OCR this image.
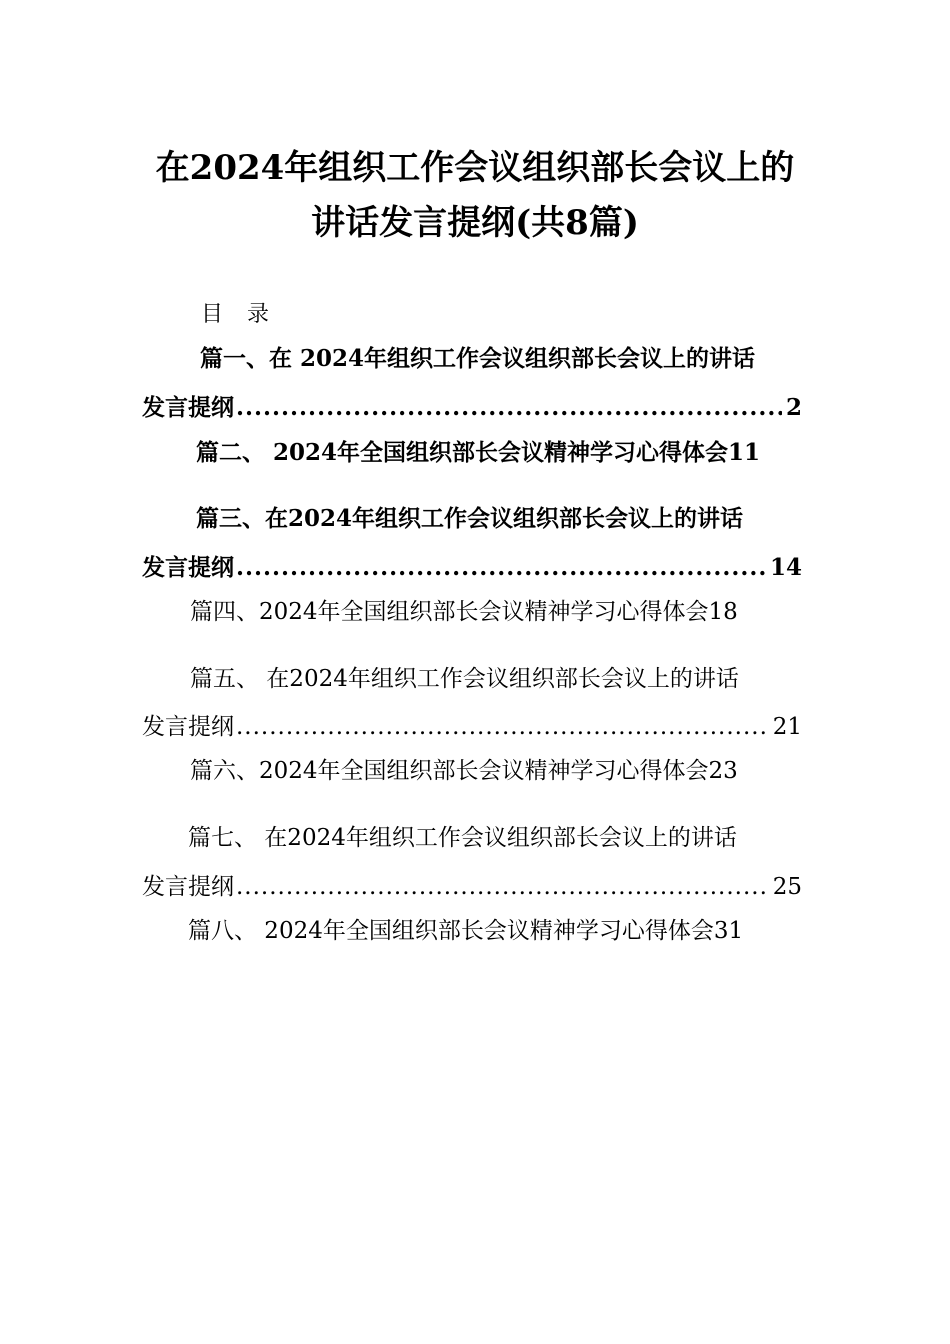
在2024年组织工作会议组织部长会议上的
讲话发言提纲(共8篇)
目录
篇一、在 2024年组织工作会议组织部长会议上的讲话
发言提纲 .....	2
篇二、 2024年全国组织部长会议精神学习心得体会11
篇三、在2024年组织工作会议组织部长会议上的讲话
发言提纲 .....	14
篇四、2024年全国组织部长会议精神学习心得体会18
篇五、 在2024年组织工作会议组织部长会议上的讲话
发言提纲 .....	21
篇六、2024年全国组织部长会议精神学习心得体会23
篇七、 在2024年组织工作会议组织部长会议上的讲话
发言提纲 .....	25
篇八、 2024年全国组织部长会议精神学习心得体会31
